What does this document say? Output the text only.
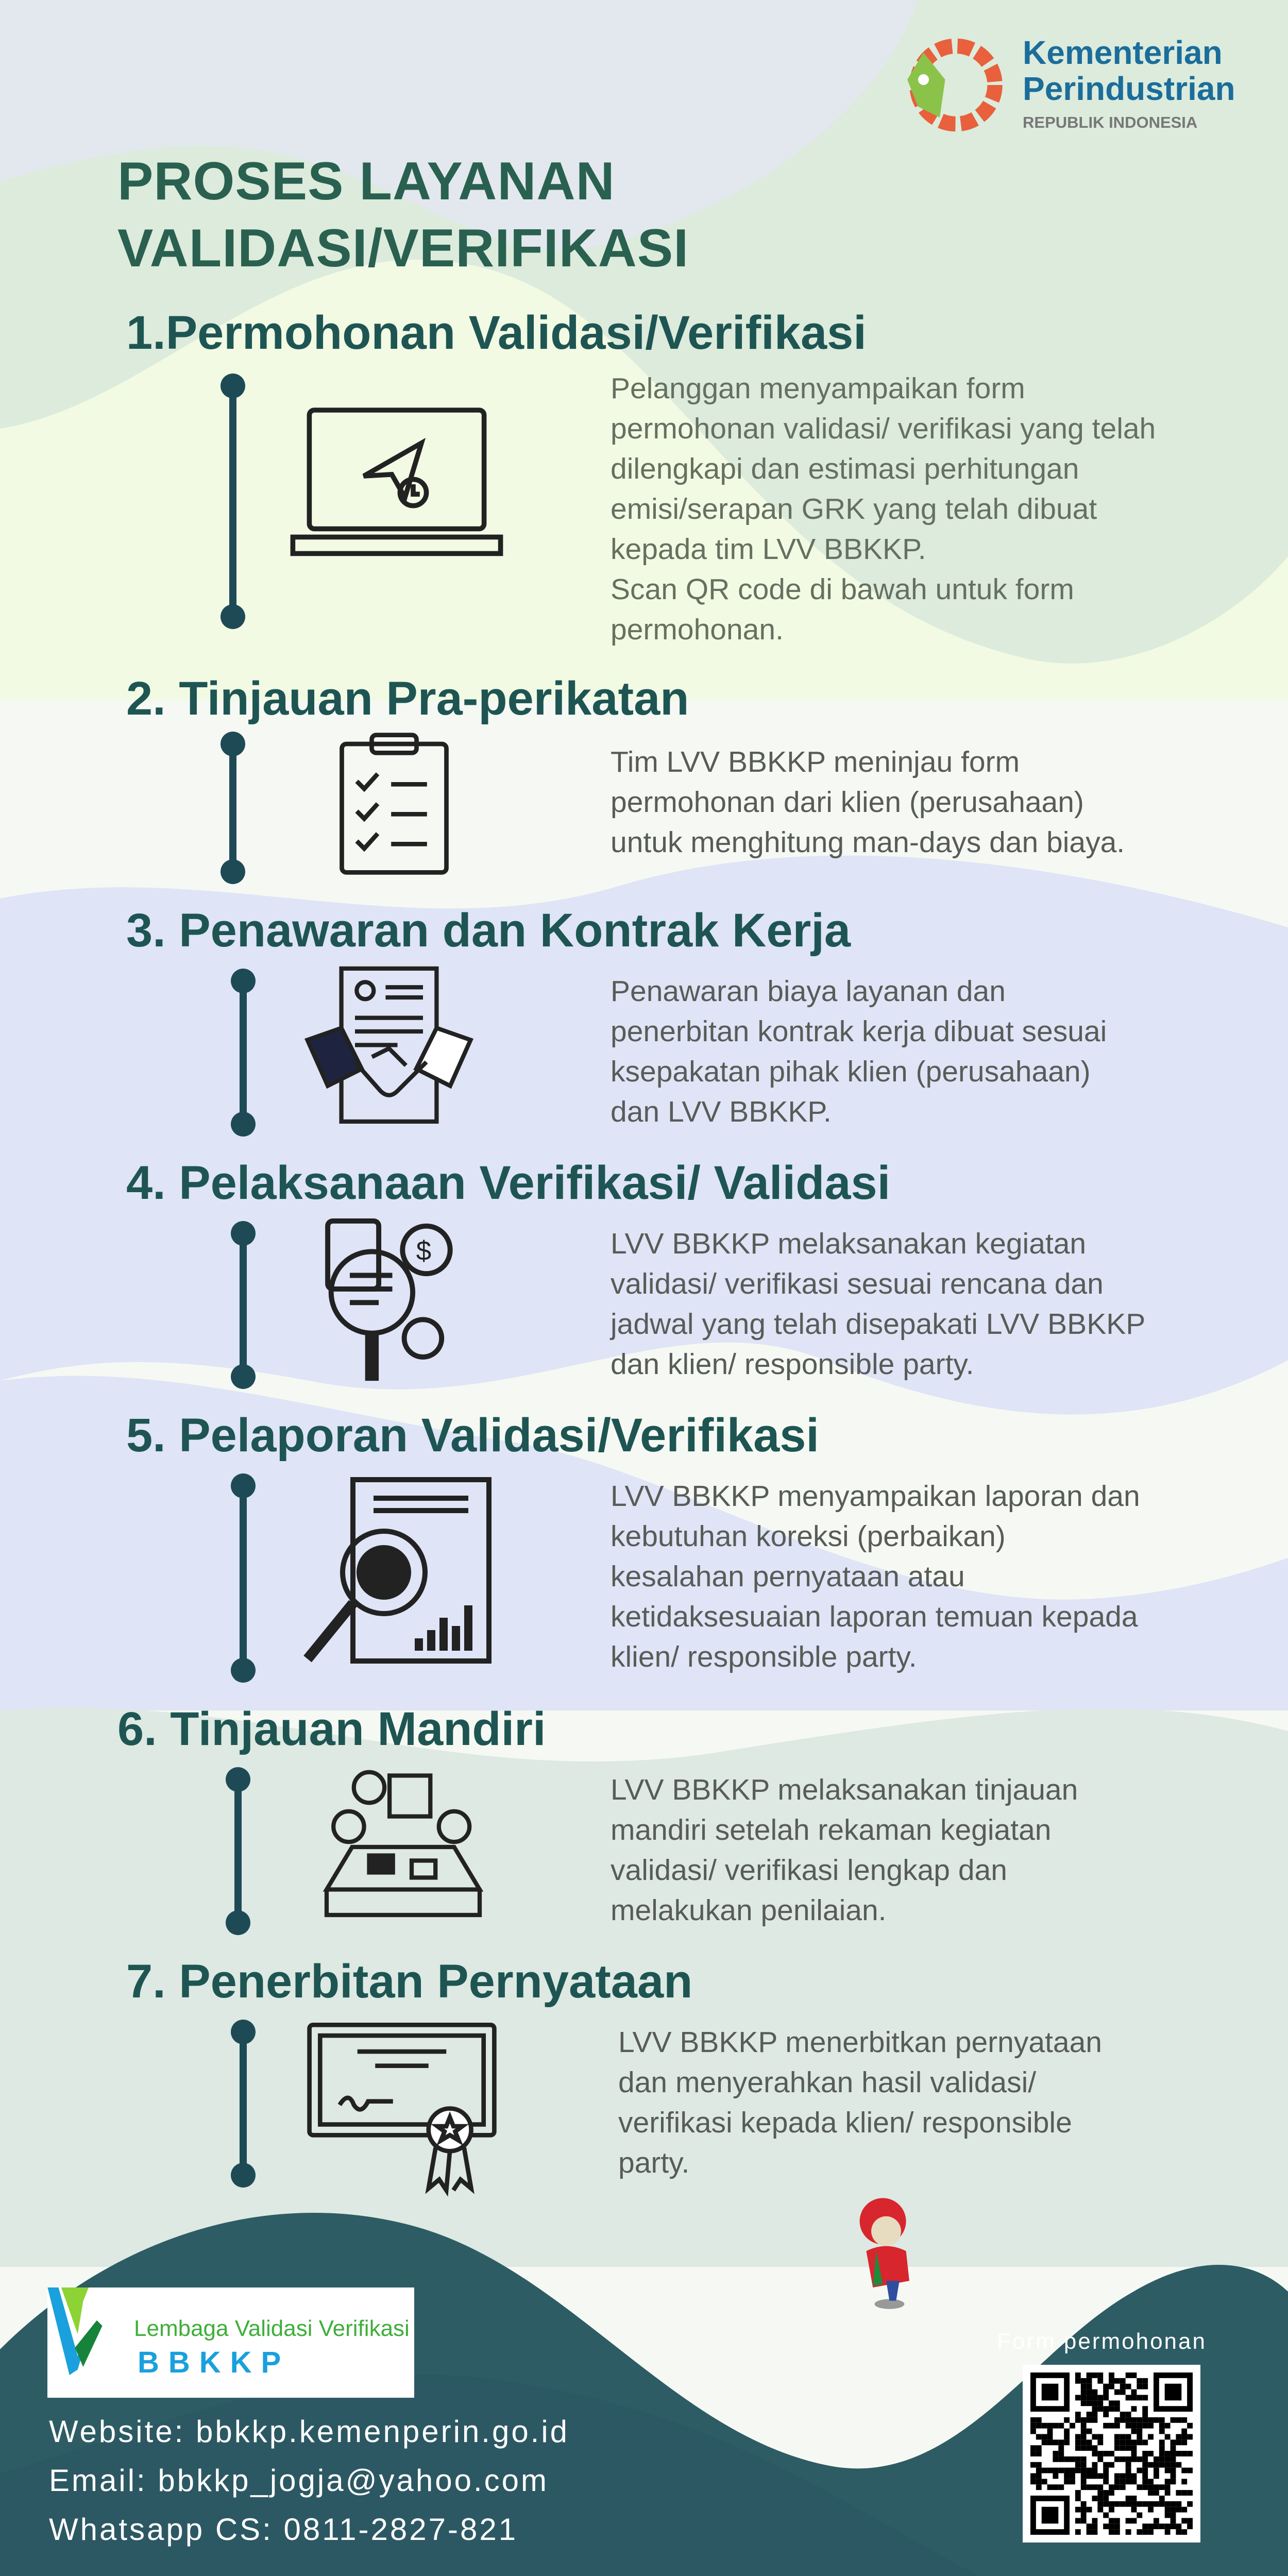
Kementerian
Perindustrian
REPUBLIK INDONESIA
PROSES LAYANAN
VALIDASI/VERIFIKASI
1.Permohonan Validasi/Verifikasi
Pelanggan menyampaikan form
permohonan validasi/ verifikasi yang telah
dilengkapi dan estimasi perhitungan
emisi/serapan GRK yang telah dibuat
kepada tim LVV BBKKP.
Scan QR code di bawah untuk form
permohonan.
2. Tinjauan Pra-perikatan
Tim LVV BBKKP meninjau form
permohonan dari klien (perusahaan)
untuk menghitung man-days dan biaya.
3. Penawaran dan Kontrak Kerja
Penawaran biaya layanan dan
penerbitan kontrak kerja dibuat sesuai
ksepakatan pihak klien (perusahaan)
dan LVV BBKKP.
4. Pelaksanaan Verifikasi/ Validasi
$	LVV BBKKP melaksanakan kegiatan
validasi/ verifikasi sesuai rencana dan
jadwal yang telah disepakati LVV BBKKP
dan klien/ responsible party.
5. Pelaporan Validasi/Verifikasi
LVV BBKKP menyampaikan laporan dan
kebutuhan koreksi (perbaikan)
kesalahan pernyataan atau
ketidaksesuaian laporan temuan kepada
klien/ responsible party.
6. Tinjauan Mandiri
LVV BBKKP melaksanakan tinjauan
mandiri setelah rekaman kegiatan
validasi/ verifikasi lengkap dan
melakukan penilaian.
7. Penerbitan Pernyataan
LVV BBKKP menerbitkan pernyataan
dan menyerahkan hasil validasi/
verifikasi kepada klien/ responsible
party.
Lembaga Validasi Verifikasi
BBKKP
Website: bbkkp.kemenperin.go.id
Email: bbkkp_jogja@yahoo.com
Whatsapp CS: 0811-2827-821
Form permohonan
